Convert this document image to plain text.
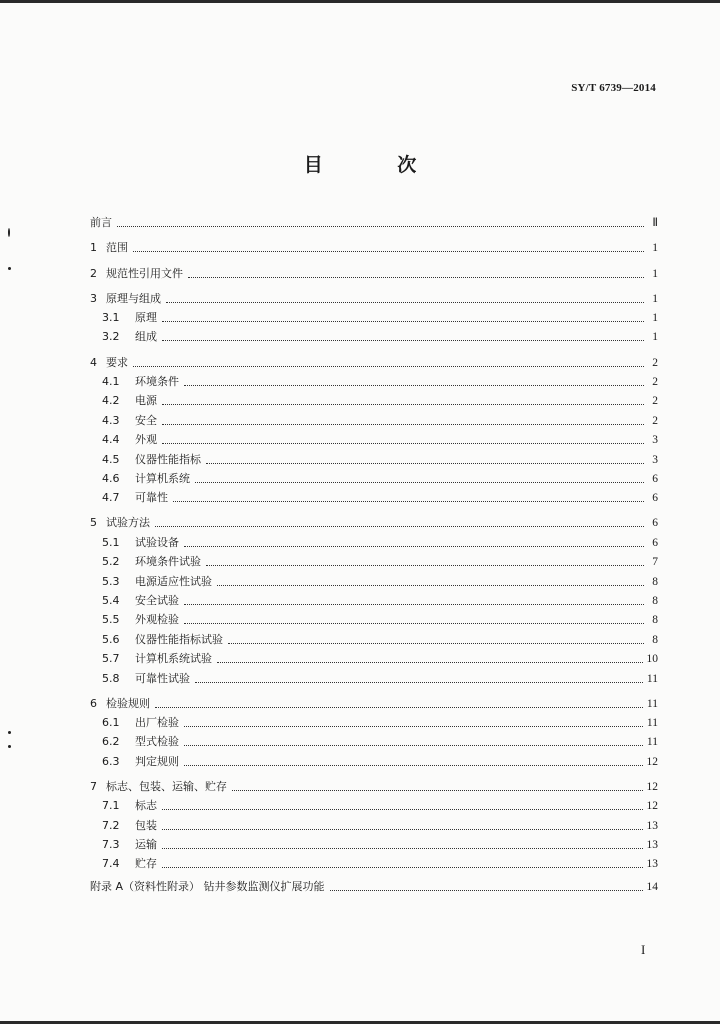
SY/T 6739—2014
目 次
前言	Ⅱ
1 范围	1
2 规范性引用文件	1
3 原理与组成	1
3.1	原理	1
3.2	组成	1
4 要求	2
4.1	环境条件	2
4.2	电源	2
4.3	安全	2
4.4	外观	3
4.5	仪器性能指标	3
4.6	计算机系统	6
4.7	可靠性	6
5 试验方法	6
5.1	试验设备	6
5.2	环境条件试验	7
5.3	电源适应性试验	8
5.4	安全试验	8
5.5	外观检验	8
5.6	仪器性能指标试验	8
5.7	计算机系统试验	10
5.8	可靠性试验	11
6 检验规则	11
6.1	出厂检验	11
6.2	型式检验	11
6.3	判定规则	12
7 标志、包装、运输、贮存	12
7.1	标志	12
7.2	包装	13
7.3	运输	13
7.4	贮存	13
附录 A（资料性附录） 钻井参数监测仪扩展功能	14
I
